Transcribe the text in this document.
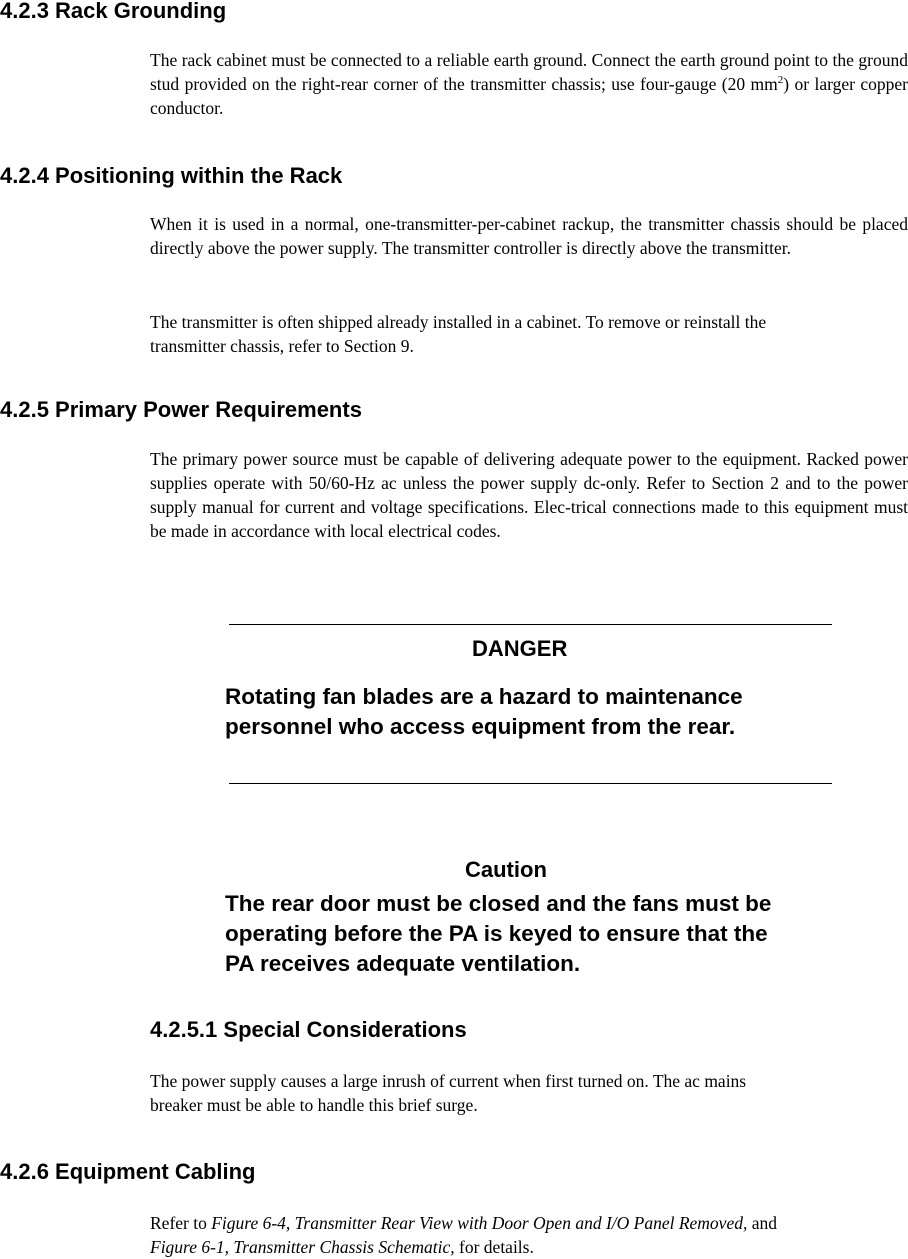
4.2.3 Rack Grounding

The rack cabinet must be connected to a reliable earth ground. Connect the earth ground point to the ground stud provided on the right-rear corner of the transmitter chassis; use four-gauge (20 $mm^2$) or larger copper conductor.

4.2.4 Positioning within the Rack

When it is used in a normal, one-transmitter-per-cabinet rackup, the transmitter chassis should be placed directly above the power supply. The transmitter controller is directly above the transmitter.

The transmitter is often shipped already installed in a cabinet. To remove or reinstall the
transmitter chassis, refer to Section 9.

4.2.5 Primary Power Requirements

The primary power source must be capable of delivering adequate power to the equipment. Racked power supplies operate with 50/60-Hz ac unless the power supply dc-only. Refer to Section 2 and to the power supply manual for current and voltage specifications. Elec-trical connections made to this equipment must be made in accordance with local electrical codes.

DANGER

Rotating fan blades are a hazard to maintenance
personnel who access equipment from the rear.

Caution

The rear door must be closed and the fans must be
operating before the PA is keyed to ensure that the
PA receives adequate ventilation.

4.2.5.1 Special Considerations

The power supply causes a large inrush of current when first turned on. The ac mains
breaker must be able to handle this brief surge.

4.2.6 Equipment Cabling

Refer to Figure 6-4, Transmitter Rear View with Door Open and I/O Panel Removed, and
Figure 6-1, Transmitter Chassis Schematic, for details.
